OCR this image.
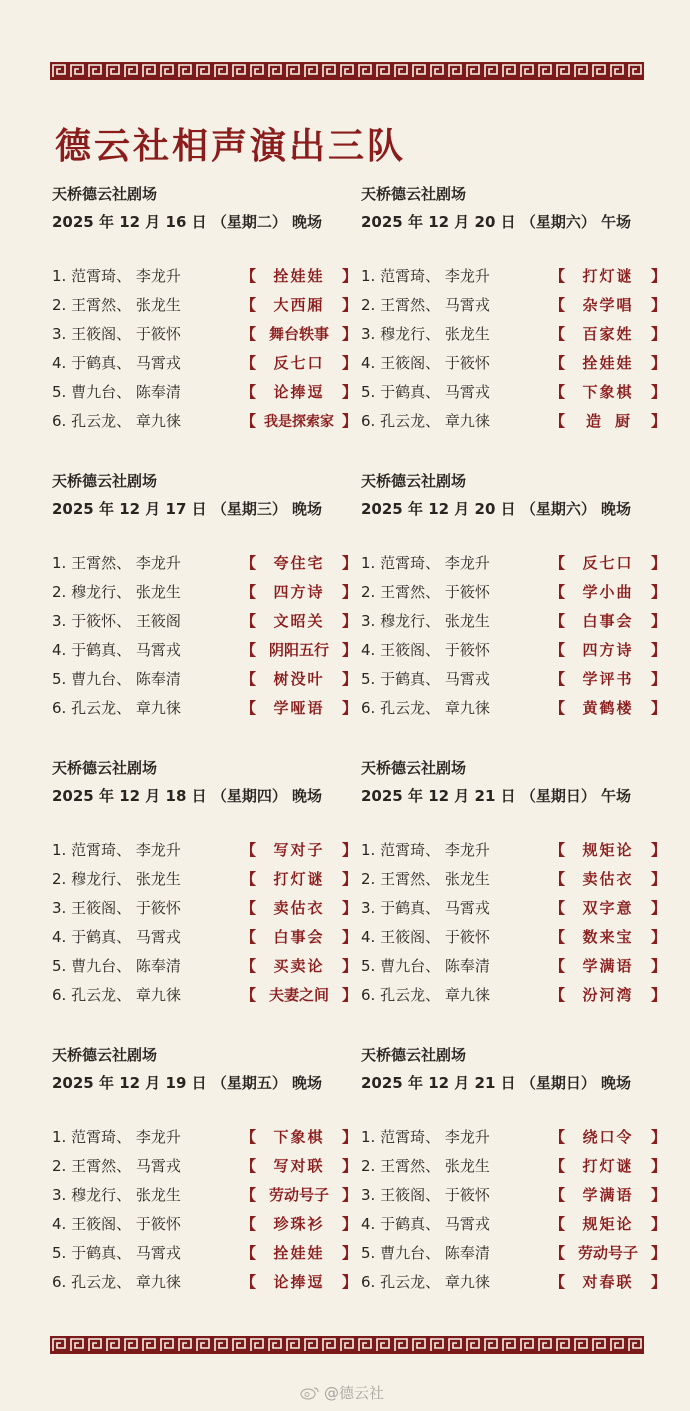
德云社相声演出三队
天桥德云社剧场
2025 年 12 月 16 日 （星期二） 晚场
1. 范霄琦、 李龙升	【	拴娃娃	】
2. 王霄然、 张龙生	【	大西厢	】
3. 王筱阁、 于筱怀	【 舞台轶事 】
4. 于鹤真、 马霄戎	【	反七口	】
5. 曹九台、 陈奉清	【	论捧逗	】
6. 孔云龙、 章九徕	【 我是探索家 】
天桥德云社剧场
2025 年 12 月 20 日 （星期六） 午场
1. 范霄琦、 李龙升	【	打灯谜	】
2. 王霄然、 马霄戎	【	杂学唱	】
3. 穆龙行、 张龙生	【	百家姓	】
4. 王筱阁、 于筱怀	【	拴娃娃	】
5. 于鹤真、 马霄戎	【	下象棋	】
6. 孔云龙、 章九徕	【	造厨 】
天桥德云社剧场
2025 年 12 月 17 日 （星期三） 晚场
1. 王霄然、 李龙升	【	夸住宅	】
2. 穆龙行、 张龙生	【	四方诗	】
3. 于筱怀、 王筱阁	【	文昭关	】
4. 于鹤真、 马霄戎	【 阴阳五行 】
5. 曹九台、 陈奉清	【	树没叶	】
6. 孔云龙、 章九徕	【	学哑语	】
天桥德云社剧场
2025 年 12 月 20 日 （星期六） 晚场
1. 范霄琦、 李龙升	【	反七口	】
2. 王霄然、 于筱怀	【	学小曲	】
3. 穆龙行、 张龙生	【	白事会	】
4. 王筱阁、 于筱怀	【	四方诗	】
5. 于鹤真、 马霄戎	【	学评书	】
6. 孔云龙、 章九徕	【	黄鹤楼	】
天桥德云社剧场
2025 年 12 月 18 日 （星期四） 晚场
1. 范霄琦、 李龙升	【	写对子	】
2. 穆龙行、 张龙生	【	打灯谜	】
3. 王筱阁、 于筱怀	【	卖估衣	】
4. 于鹤真、 马霄戎	【	白事会	】
5. 曹九台、 陈奉清	【	买卖论	】
6. 孔云龙、 章九徕	【 夫妻之间 】
天桥德云社剧场
2025 年 12 月 21 日 （星期日） 午场
1. 范霄琦、 李龙升	【	规矩论	】
2. 王霄然、 张龙生	【	卖估衣	】
3. 于鹤真、 马霄戎	【	双字意	】
4. 王筱阁、 于筱怀	【	数来宝	】
5. 曹九台、 陈奉清	【	学满语	】
6. 孔云龙、 章九徕	【	汾河湾	】
天桥德云社剧场
2025 年 12 月 19 日 （星期五） 晚场
1. 范霄琦、 李龙升	【	下象棋	】
2. 王霄然、 马霄戎	【	写对联	】
3. 穆龙行、 张龙生	【 劳动号子 】
4. 王筱阁、 于筱怀	【	珍珠衫	】
5. 于鹤真、 马霄戎	【	拴娃娃	】
6. 孔云龙、 章九徕	【	论捧逗	】
天桥德云社剧场
2025 年 12 月 21 日 （星期日） 晚场
1. 范霄琦、 李龙升	【	绕口令	】
2. 王霄然、 张龙生	【	打灯谜	】
3. 王筱阁、 于筱怀	【	学满语	】
4. 于鹤真、 马霄戎	【	规矩论	】
5. 曹九台、 陈奉清	【 劳动号子 】
6. 孔云龙、 章九徕	【	对春联	】
@德云社
